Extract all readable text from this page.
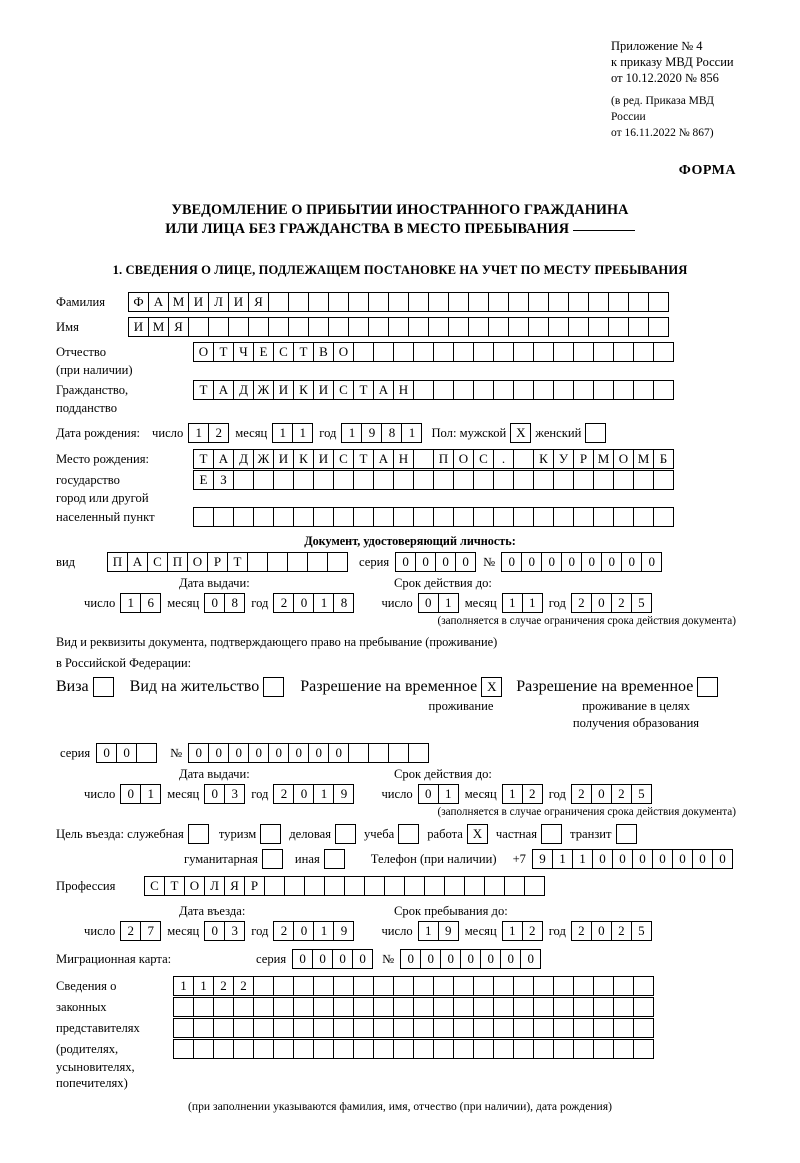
Приложение № 4
к приказу МВД России
от 10.12.2020 № 856
(в ред. Приказа МВД России
от 16.11.2022 № 867)
ФОРМА
УВЕДОМЛЕНИЕ О ПРИБЫТИИ ИНОСТРАННОГО ГРАЖДАНИНА
ИЛИ ЛИЦА БЕЗ ГРАЖДАНСТВА В МЕСТО ПРЕБЫВАНИЯ
1. СВЕДЕНИЯ О ЛИЦЕ, ПОДЛЕЖАЩЕМ ПОСТАНОВКЕ НА УЧЕТ ПО МЕСТУ ПРЕБЫВАНИЯ
Фамилия	Ф А М И Л И Я
Имя	И М Я
Отчество	О Т Ч Е С Т В О
(при наличии)
Гражданство,	Т А Д Ж И К И С Т А Н
подданство
Дата рождения: число 1	2	месяц 1	1	год 1	9	8	1	Пол: мужской X женский
Место рождения:	Т А Д Ж И К И С Т А Н	П О С	.	К У Р М О М Б
государство	Е З
город или другой
населенный пункт
Документ, удостоверяющий личность:
вид	П А С П О Р Т	серия	0	0	0	0	№	0	0	0	0	0	0	0	0
Дата выдачи:	Срок действия до:
число 1	6	месяц 0	8	год 2	0	1	8	число 0	1	месяц 1	1	год 2	0	2	5
(заполняется в случае ограничения срока действия документа)
Вид и реквизиты документа, подтверждающего право на пребывание (проживание)
в Российской Федерации:
Виза	Вид на жительство	Разрешение на временное X	Разрешение на временное
проживание	проживание в целях
получения образования
серия	0	0	№	0	0	0	0	0	0	0	0
Дата выдачи:	Срок действия до:
число 0	1	месяц 0	3	год 2	0	1	9	число 0	1	месяц 1	2	год 2	0	2	5
(заполняется в случае ограничения срока действия документа)
Цель въезда: служебная	туризм	деловая	учеба	работа X	частная	транзит
гуманитарная	иная	Телефон (при наличии) +7	9	1	1	0	0	0	0	0	0	0
Профессия	С Т О Л Я Р
Дата въезда:	Срок пребывания до:
число 2	7	месяц 0	3	год 2	0	1	9	число 1	9	месяц 1	2	год 2	0	2	5
Миграционная карта:	серия	0	0	0	0	№	0	0	0	0	0	0	0
Сведения о	1	1	2	2
законных
представителях
(родителях,
усыновителях,
попечителях)
(при заполнении указываются фамилия, имя, отчество (при наличии), дата рождения)
